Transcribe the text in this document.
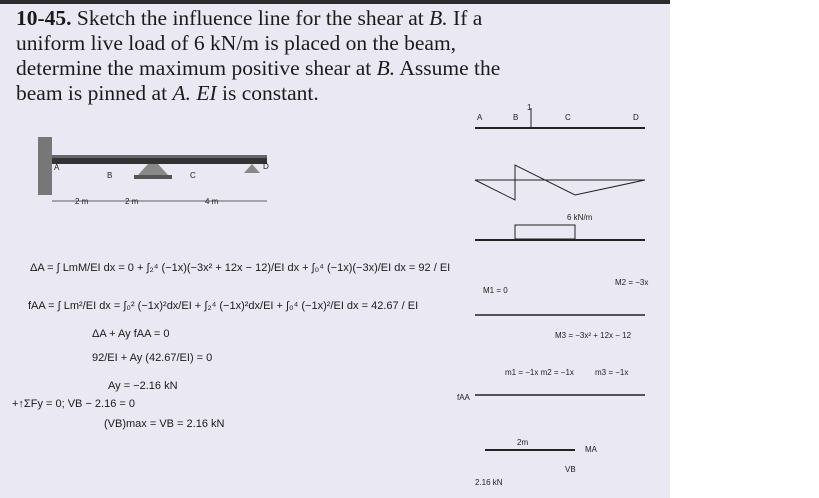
10-45. Sketch the influence line for the shear at B. If a
uniform live load of 6 kN/m is placed on the beam,
determine the maximum positive shear at B. Assume the
beam is pinned at A. EI is constant.
A
B	C
D
2 m	2 m	4 m
ΔA = ∫ LmM/EI dx = 0 + ∫₂⁴ (−1x)(−3x² + 12x − 12)/EI dx + ∫₀⁴ (−1x)(−3x)/EI dx = 92 / EI
fAA = ∫ Lm²/EI dx = ∫₀² (−1x)²dx/EI + ∫₂⁴ (−1x)²dx/EI + ∫₀⁴ (−1x)²/EI dx = 42.67 / EI
ΔA + Ay fAA = 0
92/EI + Ay (42.67/EI) = 0
Ay = −2.16 kN
+↑ΣFy = 0; VB − 2.16 = 0
(VB)max = VB = 2.16 kN
A	B	C	D
1
6 kN/m
M1 = 0
M2 = −3x
M3 = −3x² + 12x − 12
m1 = −1x m2 = −1x	m3 = −1x
fAA
2m
MA
VB
2.16 kN
